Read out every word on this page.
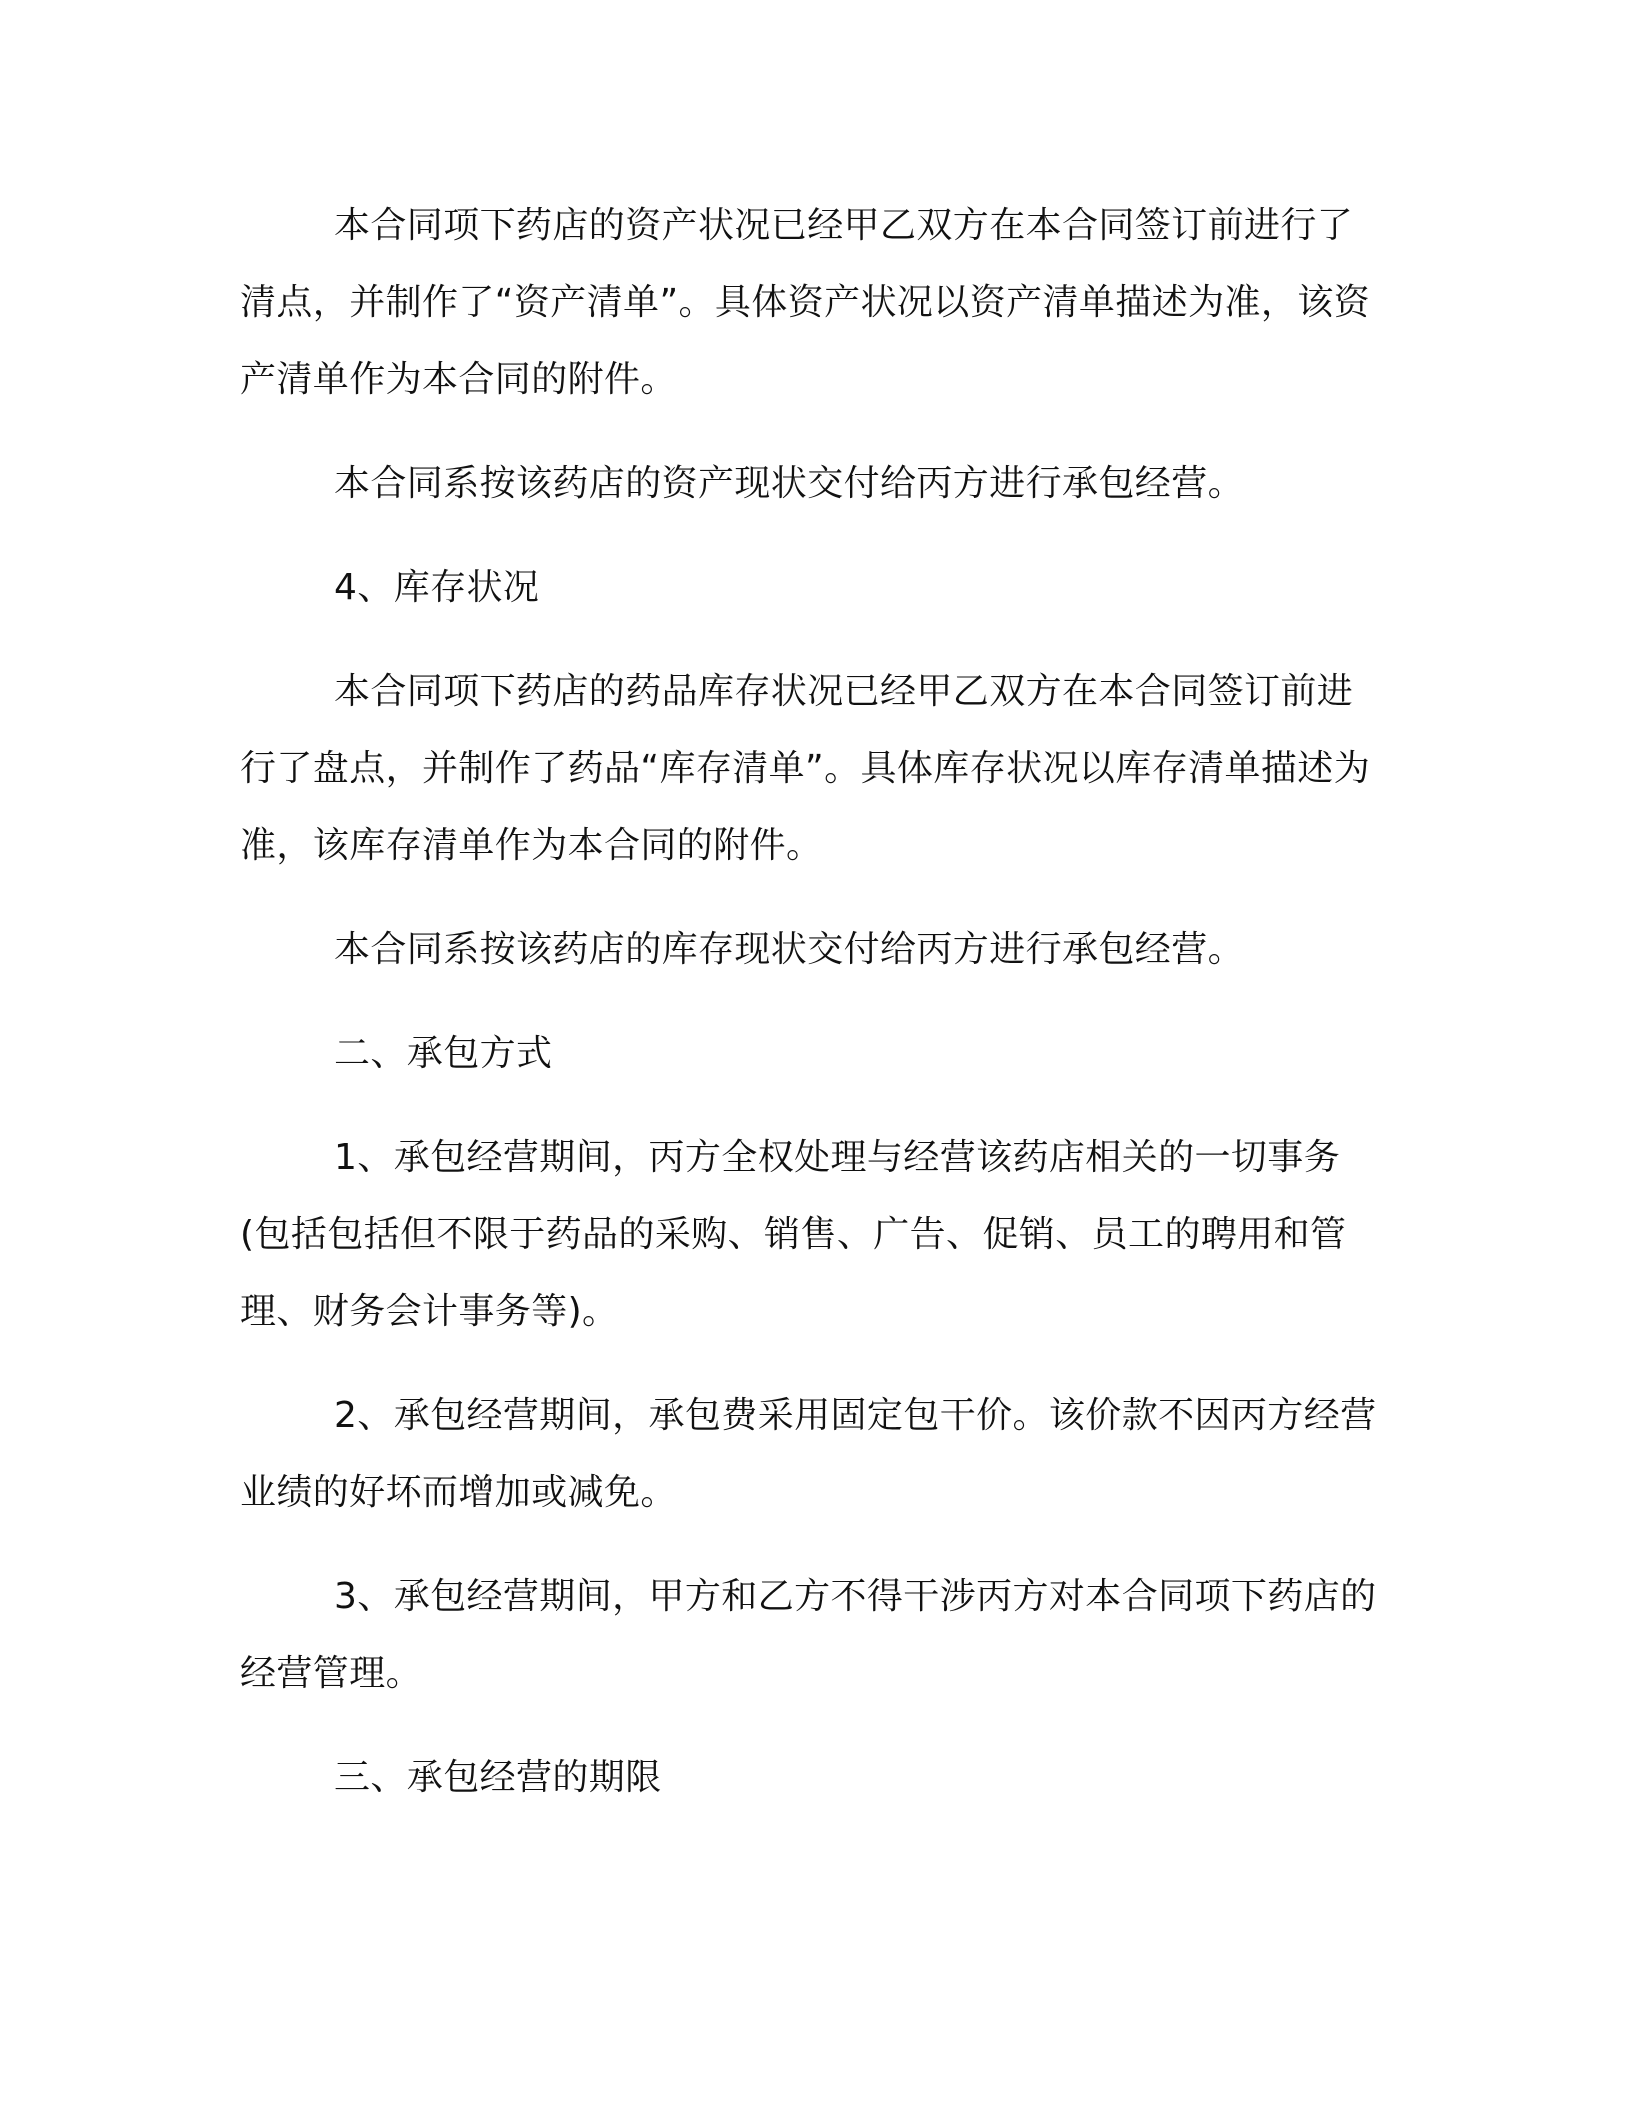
本合同项下药店的资产状况已经甲乙双方在本合同签订前进行了清点，并制作了“资产清单”。具体资产状况以资产清单描述为准，该资产清单作为本合同的附件。

本合同系按该药店的资产现状交付给丙方进行承包经营。

4、库存状况

本合同项下药店的药品库存状况已经甲乙双方在本合同签订前进行了盘点，并制作了药品“库存清单”。具体库存状况以库存清单描述为准，该库存清单作为本合同的附件。

本合同系按该药店的库存现状交付给丙方进行承包经营。

二、承包方式

1、承包经营期间，丙方全权处理与经营该药店相关的一切事务(包括包括但不限于药品的采购、销售、广告、促销、员工的聘用和管理、财务会计事务等)。

2、承包经营期间，承包费采用固定包干价。该价款不因丙方经营业绩的好坏而增加或减免。

3、承包经营期间，甲方和乙方不得干涉丙方对本合同项下药店的经营管理。

三、承包经营的期限
